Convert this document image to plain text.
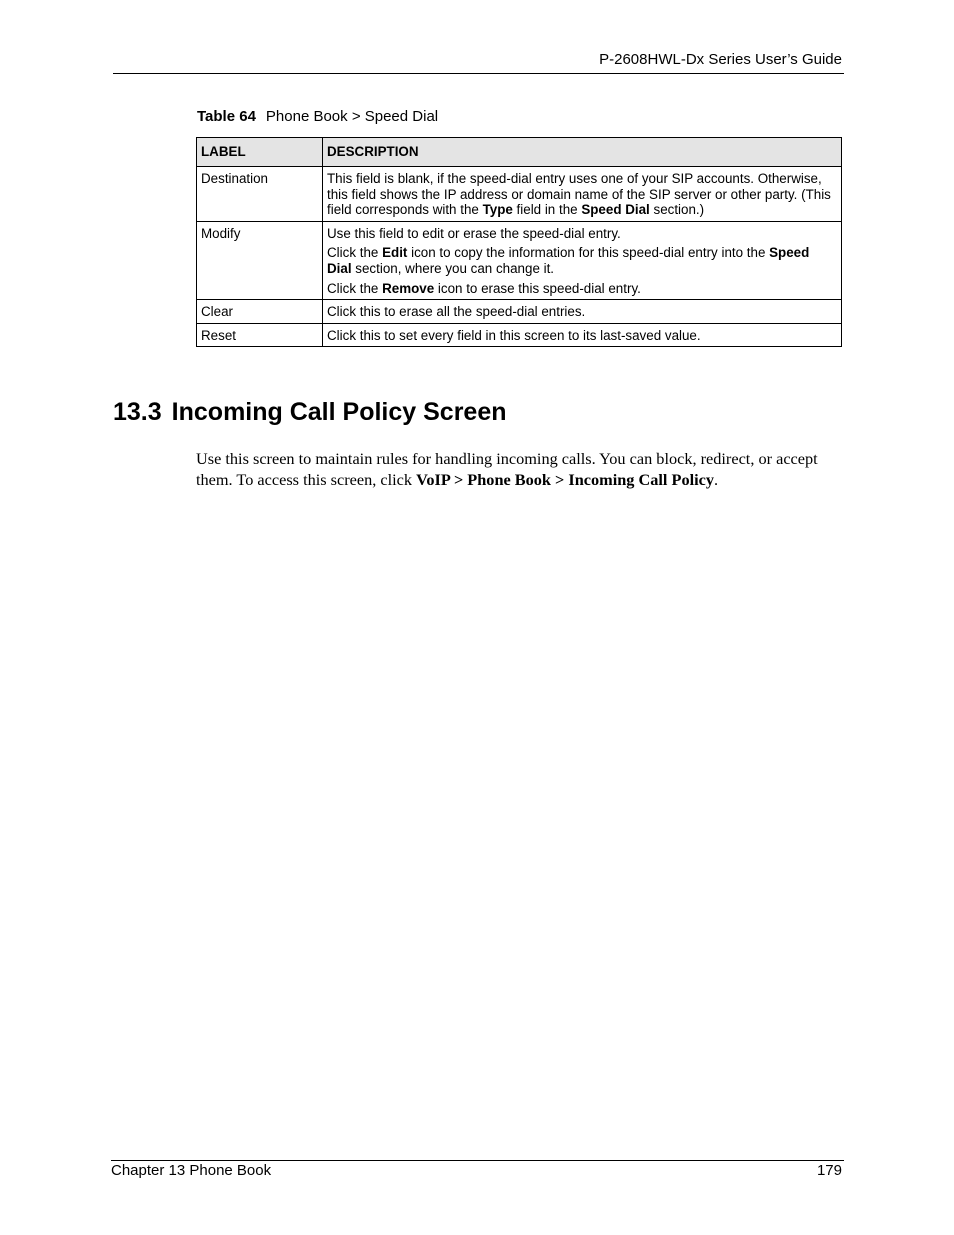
P-2608HWL-Dx Series User’s Guide
Table 64 Phone Book > Speed Dial
LABEL	DESCRIPTION
Destination	This field is blank, if the speed-dial entry uses one of your SIP accounts. Otherwise, this field shows the IP address or domain name of the SIP server or other party. (This field corresponds with the Type field in the Speed Dial section.)

Modify	Use this field to edit or erase the speed-dial entry.

Click the Edit icon to copy the information for this speed-dial entry into the Speed Dial section, where you can change it.

Click the Remove icon to erase this speed-dial entry.

Clear	Click this to erase all the speed-dial entries.

Reset	Click this to set every field in this screen to its last-saved value.

13.3 Incoming Call Policy Screen

Use this screen to maintain rules for handling incoming calls. You can block, redirect, or accept them. To access this screen, click VoIP > Phone Book > Incoming Call Policy.

Chapter 13 Phone Book	179
